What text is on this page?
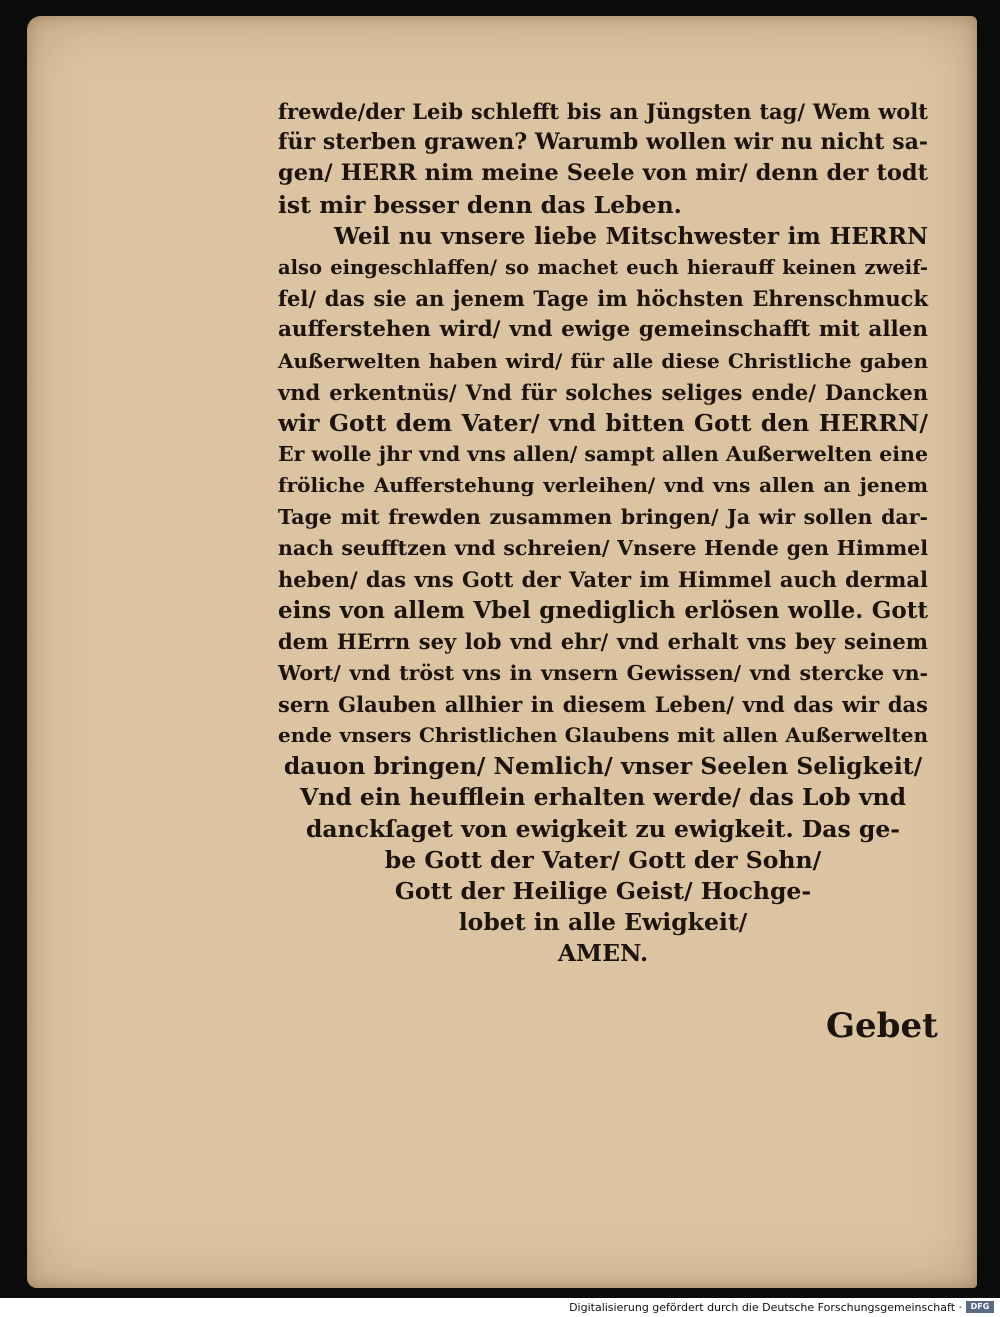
frewde/der Leib schlefft bis an Jüngsten tag/ Wem wolt
für sterben grawen? Warumb wollen wir nu nicht sa-
gen/ HERR nim meine Seele von mir/ denn der todt
ist mir besser denn das Leben.
Weil nu vnsere liebe Mitschwester im HERRN
also eingeschlaffen/ so machet euch hierauff keinen zweif-
fel/ das sie an jenem Tage im höchsten Ehrenschmuck
aufferstehen wird/ vnd ewige gemeinschafft mit allen
Außerwelten haben wird/ für alle diese Christliche gaben
vnd erkentnüs/ Vnd für solches seliges ende/ Dancken
wir Gott dem Vater/ vnd bitten Gott den HERRN/
Er wolle jhr vnd vns allen/ sampt allen Außerwelten eine
fröliche Aufferstehung verleihen/ vnd vns allen an jenem
Tage mit frewden zusammen bringen/ Ja wir sollen dar-
nach seufftzen vnd schreien/ Vnsere Hende gen Himmel
heben/ das vns Gott der Vater im Himmel auch dermal
eins von allem Vbel gnediglich erlösen wolle. Gott
dem HErrn sey lob vnd ehr/ vnd erhalt vns bey seinem
Wort/ vnd tröst vns in vnsern Gewissen/ vnd stercke vn-
sern Glauben allhier in diesem Leben/ vnd das wir das
ende vnsers Christlichen Glaubens mit allen Außerwelten
dauon bringen/ Nemlich/ vnser Seelen Seligkeit/
Vnd ein heufflein erhalten werde/ das Lob vnd
danckſaget von ewigkeit zu ewigkeit. Das ge-
be Gott der Vater/ Gott der Sohn/
Gott der Heilige Geist/ Hochge-
lobet in alle Ewigkeit/
AMEN.
Gebet
Digitalisierung gefördert durch die Deutsche Forschungsgemeinschaft ·	DFG
